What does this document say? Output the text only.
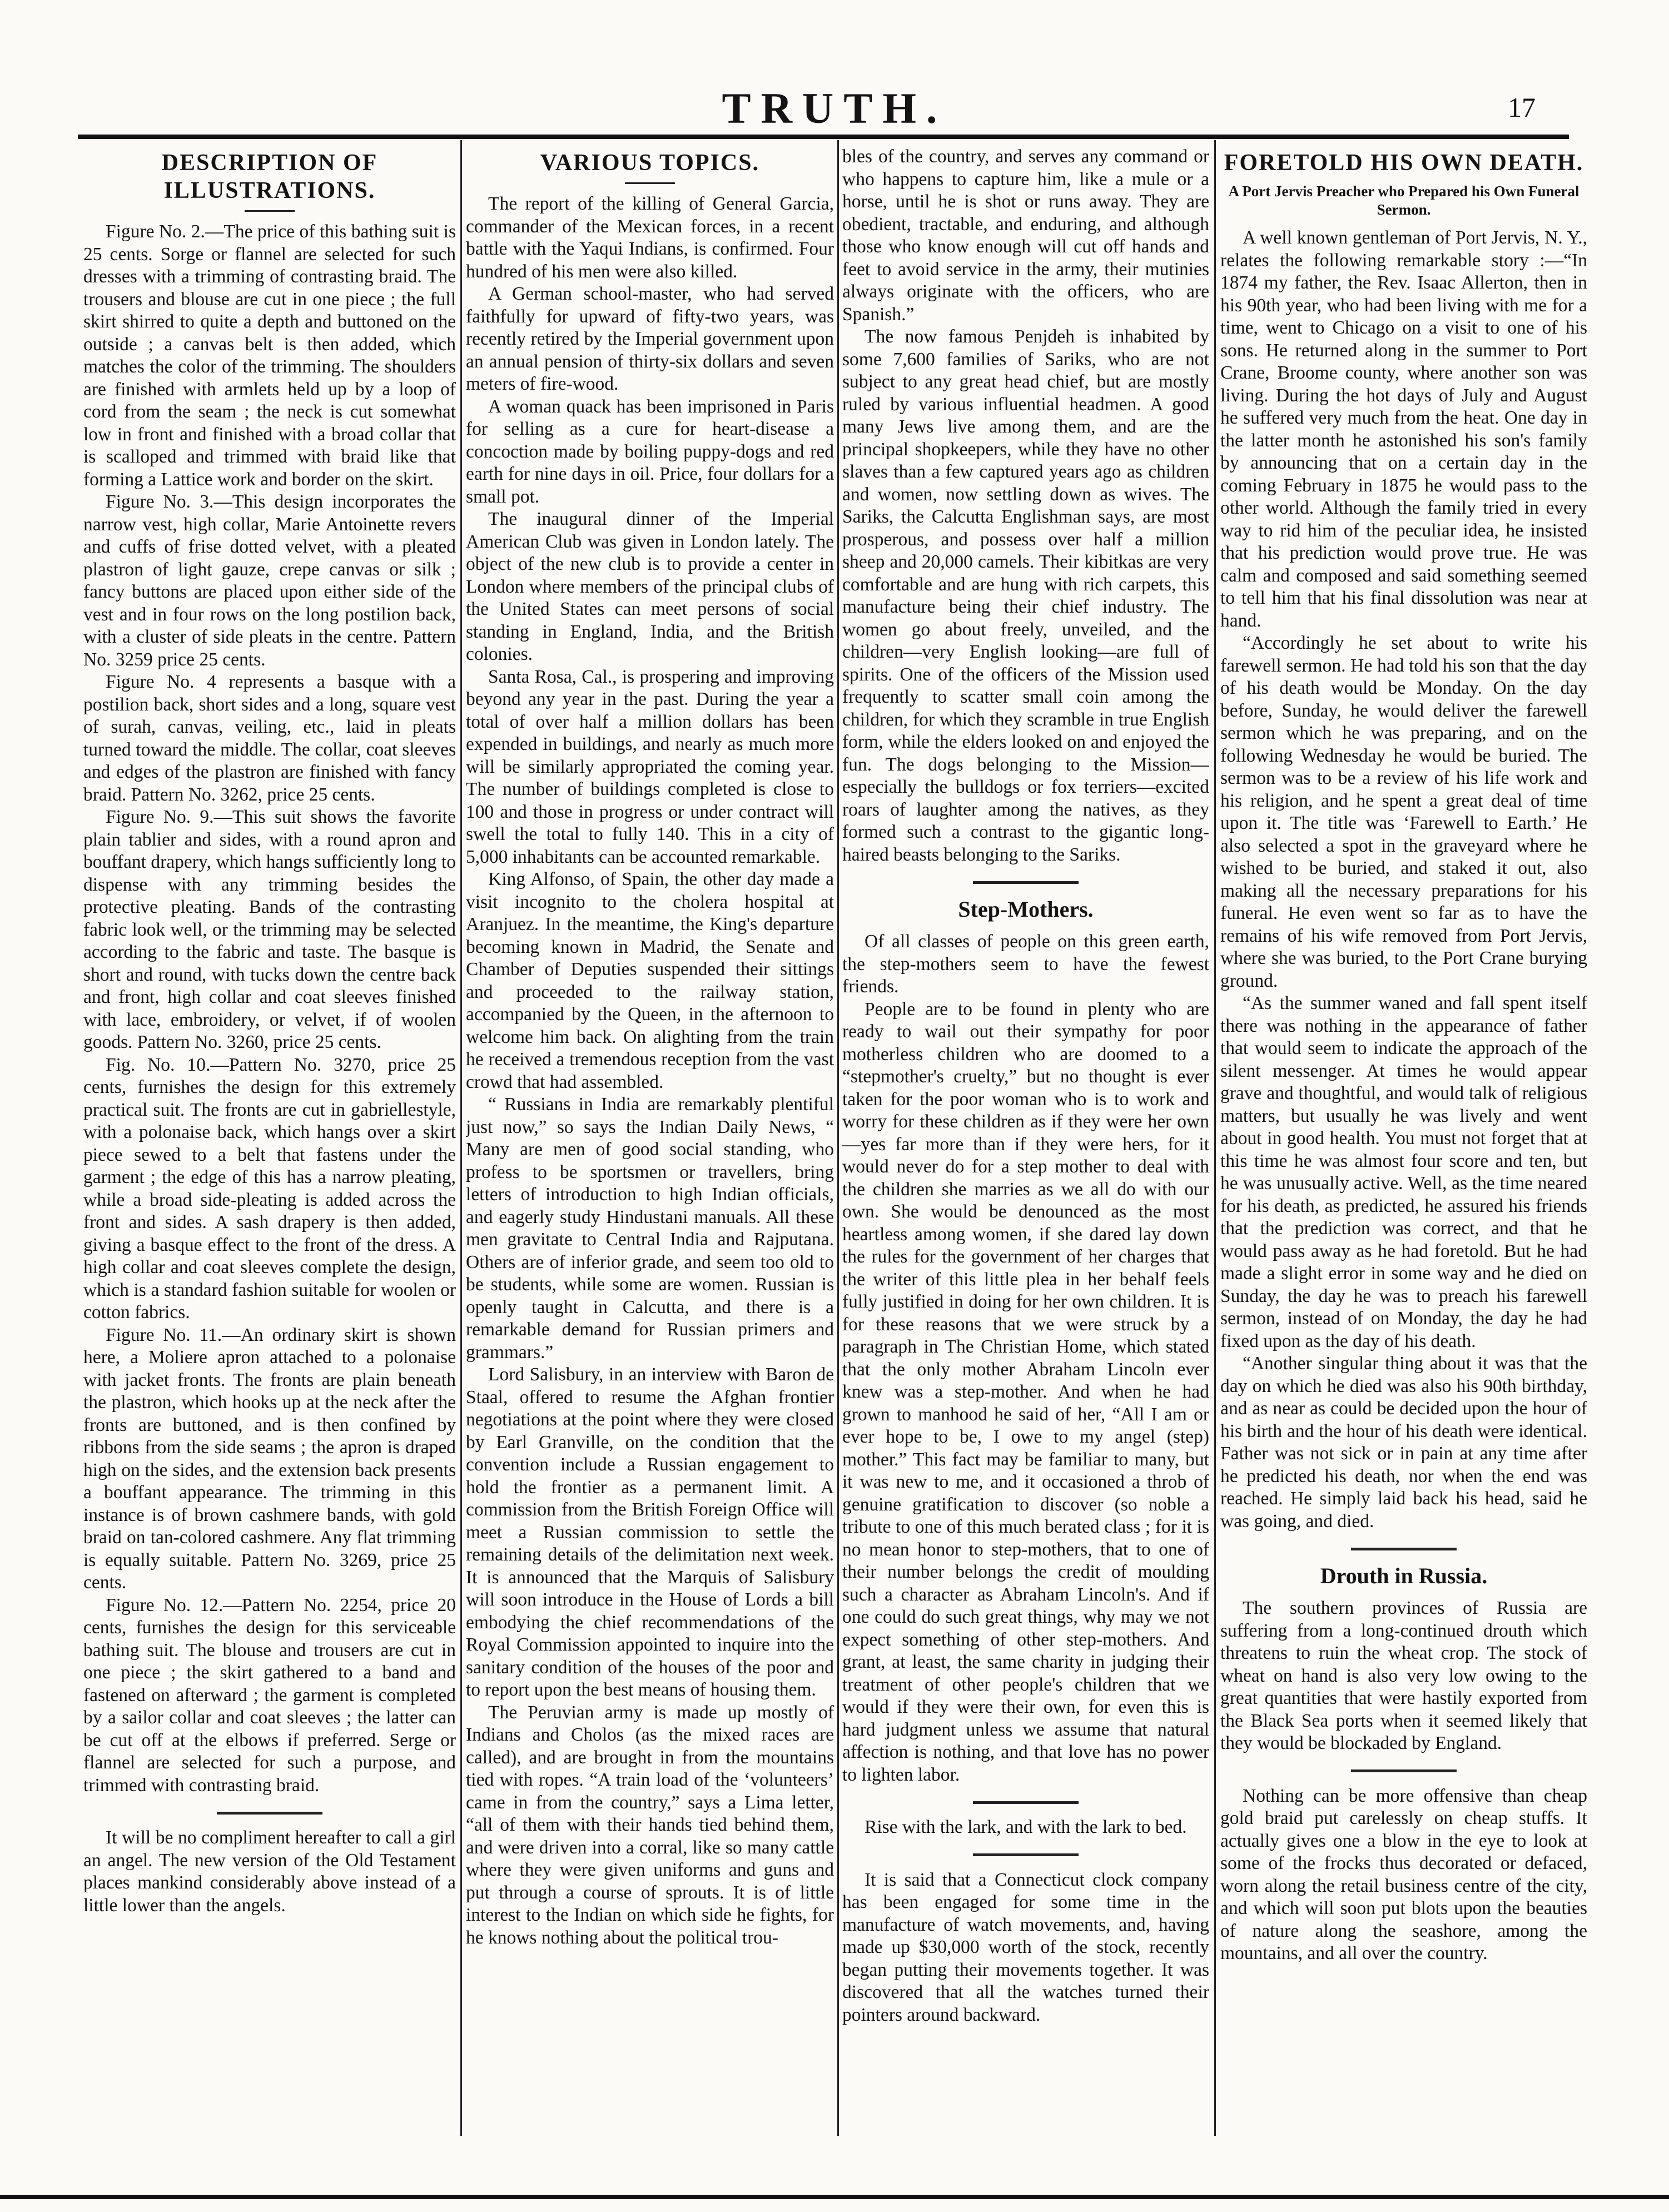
TRUTH.	17
DESCRIPTION OF ILLUSTRATIONS.

Figure No. 2.—The price of this bathing suit is 25 cents. Sorge or flannel are selected for such dresses with a trimming of contrasting braid. The trousers and blouse are cut in one piece ; the full skirt shirred to quite a depth and buttoned on the outside ; a canvas belt is then added, which matches the color of the trimming. The shoulders are finished with armlets held up by a loop of cord from the seam ; the neck is cut somewhat low in front and finished with a broad collar that is scalloped and trimmed with braid like that forming a Lattice work and border on the skirt.

Figure No. 3.—This design incorporates the narrow vest, high collar, Marie Antoinette revers and cuffs of frise dotted velvet, with a pleated plastron of light gauze, crepe canvas or silk ; fancy buttons are placed upon either side of the vest and in four rows on the long postilion back, with a cluster of side pleats in the centre. Pattern No. 3259 price 25 cents.

Figure No. 4 represents a basque with a postilion back, short sides and a long, square vest of surah, canvas, veiling, etc., laid in pleats turned toward the middle. The collar, coat sleeves and edges of the plastron are finished with fancy braid. Pattern No. 3262, price 25 cents.

Figure No. 9.—This suit shows the favorite plain tablier and sides, with a round apron and bouffant drapery, which hangs sufficiently long to dispense with any trimming besides the protective pleating. Bands of the contrasting fabric look well, or the trimming may be selected according to the fabric and taste. The basque is short and round, with tucks down the centre back and front, high collar and coat sleeves finished with lace, embroidery, or velvet, if of woolen goods. Pattern No. 3260, price 25 cents.

Fig. No. 10.—Pattern No. 3270, price 25 cents, furnishes the design for this extremely practical suit. The fronts are cut in gabriellestyle, with a polonaise back, which hangs over a skirt piece sewed to a belt that fastens under the garment ; the edge of this has a narrow pleating, while a broad side-pleating is added across the front and sides. A sash drapery is then added, giving a basque effect to the front of the dress. A high collar and coat sleeves complete the design, which is a standard fashion suitable for woolen or cotton fabrics.

Figure No. 11.—An ordinary skirt is shown here, a Moliere apron attached to a polonaise with jacket fronts. The fronts are plain beneath the plastron, which hooks up at the neck after the fronts are buttoned, and is then confined by ribbons from the side seams ; the apron is draped high on the sides, and the extension back presents a bouffant appearance. The trimming in this instance is of brown cashmere bands, with gold braid on tan-colored cashmere. Any flat trimming is equally suitable. Pattern No. 3269, price 25 cents.

Figure No. 12.—Pattern No. 2254, price 20 cents, furnishes the design for this serviceable bathing suit. The blouse and trousers are cut in one piece ; the skirt gathered to a band and fastened on afterward ; the garment is completed by a sailor collar and coat sleeves ; the latter can be cut off at the elbows if preferred. Serge or flannel are selected for such a purpose, and trimmed with contrasting braid.

It will be no compliment hereafter to call a girl an angel. The new version of the Old Testament places mankind considerably above instead of a little lower than the angels.

VARIOUS TOPICS.

The report of the killing of General Garcia, commander of the Mexican forces, in a recent battle with the Yaqui Indians, is confirmed. Four hundred of his men were also killed.

A German school-master, who had served faithfully for upward of fifty-two years, was recently retired by the Imperial government upon an annual pension of thirty-six dollars and seven meters of fire-wood.

A woman quack has been imprisoned in Paris for selling as a cure for heart-disease a concoction made by boiling puppy-dogs and red earth for nine days in oil. Price, four dollars for a small pot.

The inaugural dinner of the Imperial American Club was given in London lately. The object of the new club is to provide a center in London where members of the principal clubs of the United States can meet persons of social standing in England, India, and the British colonies.

Santa Rosa, Cal., is prospering and improving beyond any year in the past. During the year a total of over half a million dollars has been expended in buildings, and nearly as much more will be similarly appropriated the coming year. The number of buildings completed is close to 100 and those in progress or under contract will swell the total to fully 140. This in a city of 5,000 inhabitants can be accounted remarkable.

King Alfonso, of Spain, the other day made a visit incognito to the cholera hospital at Aranjuez. In the meantime, the King's departure becoming known in Madrid, the Senate and Chamber of Deputies suspended their sittings and proceeded to the railway station, accompanied by the Queen, in the afternoon to welcome him back. On alighting from the train he received a tremendous reception from the vast crowd that had assembled.

“ Russians in India are remarkably plentiful just now,” so says the Indian Daily News, “ Many are men of good social standing, who profess to be sportsmen or travellers, bring letters of introduction to high Indian officials, and eagerly study Hindustani manuals. All these men gravitate to Central India and Rajputana. Others are of inferior grade, and seem too old to be students, while some are women. Russian is openly taught in Calcutta, and there is a remarkable demand for Russian primers and grammars.”

Lord Salisbury, in an interview with Baron de Staal, offered to resume the Afghan frontier negotiations at the point where they were closed by Earl Granville, on the condition that the convention include a Russian engagement to hold the frontier as a permanent limit. A commission from the British Foreign Office will meet a Russian commission to settle the remaining details of the delimitation next week. It is announced that the Marquis of Salisbury will soon introduce in the House of Lords a bill embodying the chief recommendations of the Royal Commission appointed to inquire into the sanitary condition of the houses of the poor and to report upon the best means of housing them.

The Peruvian army is made up mostly of Indians and Cholos (as the mixed races are called), and are brought in from the mountains tied with ropes. “A train load of the ‘volunteers’ came in from the country,” says a Lima letter, “all of them with their hands tied behind them, and were driven into a corral, like so many cattle where they were given uniforms and guns and put through a course of sprouts. It is of little interest to the Indian on which side he fights, for he knows nothing about the political trou-

bles of the country, and serves any command or who happens to capture him, like a mule or a horse, until he is shot or runs away. They are obedient, tractable, and enduring, and although those who know enough will cut off hands and feet to avoid service in the army, their mutinies always originate with the officers, who are Spanish.”

The now famous Penjdeh is inhabited by some 7,600 families of Sariks, who are not subject to any great head chief, but are mostly ruled by various influential headmen. A good many Jews live among them, and are the principal shopkeepers, while they have no other slaves than a few captured years ago as children and women, now settling down as wives. The Sariks, the Calcutta Englishman says, are most prosperous, and possess over half a million sheep and 20,000 camels. Their kibitkas are very comfortable and are hung with rich carpets, this manufacture being their chief industry. The women go about freely, unveiled, and the children—very English looking—are full of spirits. One of the officers of the Mission used frequently to scatter small coin among the children, for which they scramble in true English form, while the elders looked on and enjoyed the fun. The dogs belonging to the Mission—especially the bulldogs or fox terriers—excited roars of laughter among the natives, as they formed such a contrast to the gigantic long-haired beasts belonging to the Sariks.

Step-Mothers.

Of all classes of people on this green earth, the step-mothers seem to have the fewest friends.

People are to be found in plenty who are ready to wail out their sympathy for poor motherless children who are doomed to a “stepmother's cruelty,” but no thought is ever taken for the poor woman who is to work and worry for these children as if they were her own—yes far more than if they were hers, for it would never do for a step mother to deal with the children she marries as we all do with our own. She would be denounced as the most heartless among women, if she dared lay down the rules for the government of her charges that the writer of this little plea in her behalf feels fully justified in doing for her own children. It is for these reasons that we were struck by a paragraph in The Christian Home, which stated that the only mother Abraham Lincoln ever knew was a step-mother. And when he had grown to manhood he said of her, “All I am or ever hope to be, I owe to my angel (step) mother.” This fact may be familiar to many, but it was new to me, and it occasioned a throb of genuine gratification to discover (so noble a tribute to one of this much berated class ; for it is no mean honor to step-mothers, that to one of their number belongs the credit of moulding such a character as Abraham Lincoln's. And if one could do such great things, why may we not expect something of other step-mothers. And grant, at least, the same charity in judging their treatment of other people's children that we would if they were their own, for even this is hard judgment unless we assume that natural affection is nothing, and that love has no power to lighten labor.

Rise with the lark, and with the lark to bed.

It is said that a Connecticut clock company has been engaged for some time in the manufacture of watch movements, and, having made up $30,000 worth of the stock, recently began putting their movements together. It was discovered that all the watches turned their pointers around backward.

FORETOLD HIS OWN DEATH.
A Port Jervis Preacher who Prepared his Own Funeral Sermon.

A well known gentleman of Port Jervis, N. Y., relates the following remarkable story :—“In 1874 my father, the Rev. Isaac Allerton, then in his 90th year, who had been living with me for a time, went to Chicago on a visit to one of his sons. He returned along in the summer to Port Crane, Broome county, where another son was living. During the hot days of July and August he suffered very much from the heat. One day in the latter month he astonished his son's family by announcing that on a certain day in the coming February in 1875 he would pass to the other world. Although the family tried in every way to rid him of the peculiar idea, he insisted that his prediction would prove true. He was calm and composed and said something seemed to tell him that his final dissolution was near at hand.

“Accordingly he set about to write his farewell sermon. He had told his son that the day of his death would be Monday. On the day before, Sunday, he would deliver the farewell sermon which he was preparing, and on the following Wednesday he would be buried. The sermon was to be a review of his life work and his religion, and he spent a great deal of time upon it. The title was ‘Farewell to Earth.’ He also selected a spot in the graveyard where he wished to be buried, and staked it out, also making all the necessary preparations for his funeral. He even went so far as to have the remains of his wife removed from Port Jervis, where she was buried, to the Port Crane burying ground.

“As the summer waned and fall spent itself there was nothing in the appearance of father that would seem to indicate the approach of the silent messenger. At times he would appear grave and thoughtful, and would talk of religious matters, but usually he was lively and went about in good health. You must not forget that at this time he was almost four score and ten, but he was unusually active. Well, as the time neared for his death, as predicted, he assured his friends that the prediction was correct, and that he would pass away as he had foretold. But he had made a slight error in some way and he died on Sunday, the day he was to preach his farewell sermon, instead of on Monday, the day he had fixed upon as the day of his death.

“Another singular thing about it was that the day on which he died was also his 90th birthday, and as near as could be decided upon the hour of his birth and the hour of his death were identical. Father was not sick or in pain at any time after he predicted his death, nor when the end was reached. He simply laid back his head, said he was going, and died.

Drouth in Russia.

The southern provinces of Russia are suffering from a long-continued drouth which threatens to ruin the wheat crop. The stock of wheat on hand is also very low owing to the great quantities that were hastily exported from the Black Sea ports when it seemed likely that they would be blockaded by England.

Nothing can be more offensive than cheap gold braid put carelessly on cheap stuffs. It actually gives one a blow in the eye to look at some of the frocks thus decorated or defaced, worn along the retail business centre of the city, and which will soon put blots upon the beauties of nature along the seashore, among the mountains, and all over the country.
